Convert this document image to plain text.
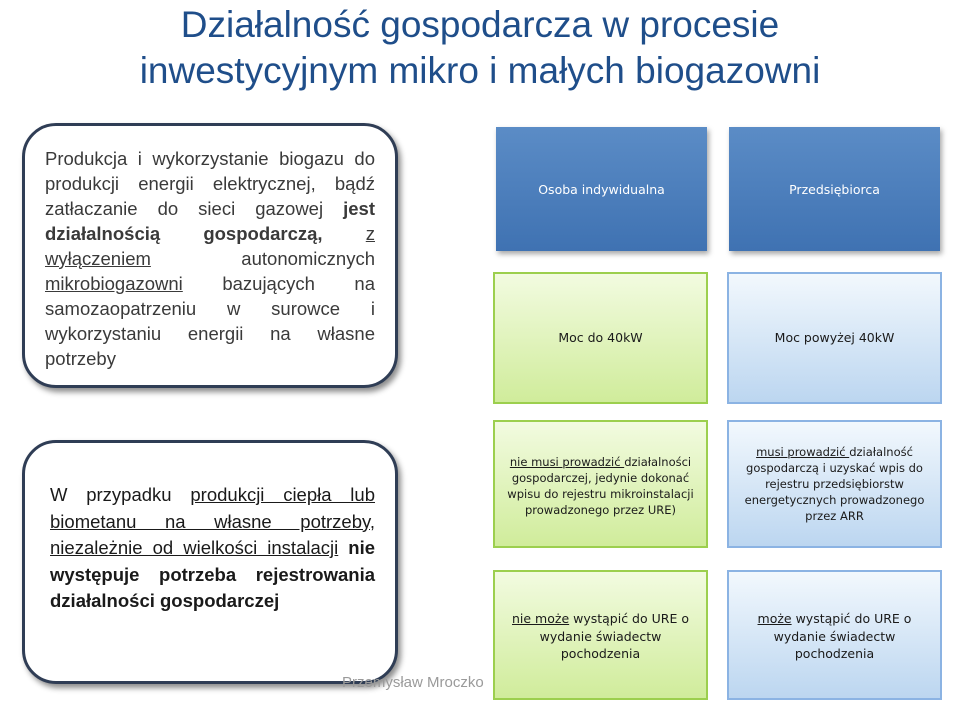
Działalność gospodarcza w procesie
inwestycyjnym mikro i małych biogazowni
Produkcja i wykorzystanie biogazu do produkcji energii elektrycznej, bądź zatłaczanie do sieci gazowej jest działalnością gospodarczą, z wyłączeniem autonomicznych mikrobiogazowni bazujących na samozaopatrzeniu w surowce i wykorzystaniu energii na własne potrzeby
W przypadku produkcji ciepła lub biometanu na własne potrzeby, niezależnie od wielkości instalacji nie występuje potrzeba rejestrowania działalności gospodarczej
Osoba indywidualna	Przedsiębiorca
Moc do 40kW	Moc powyżej 40kW
nie musi prowadzić działalności gospodarczej, jedynie dokonać wpisu do rejestru mikroinstalacji prowadzonego przez URE)
musi prowadzić działalność gospodarczą i uzyskać wpis do rejestru przedsiębiorstw energetycznych prowadzonego przez ARR
nie może wystąpić do URE o wydanie świadectw pochodzenia
może wystąpić do URE o wydanie świadectw pochodzenia
Przemysław Mroczko
